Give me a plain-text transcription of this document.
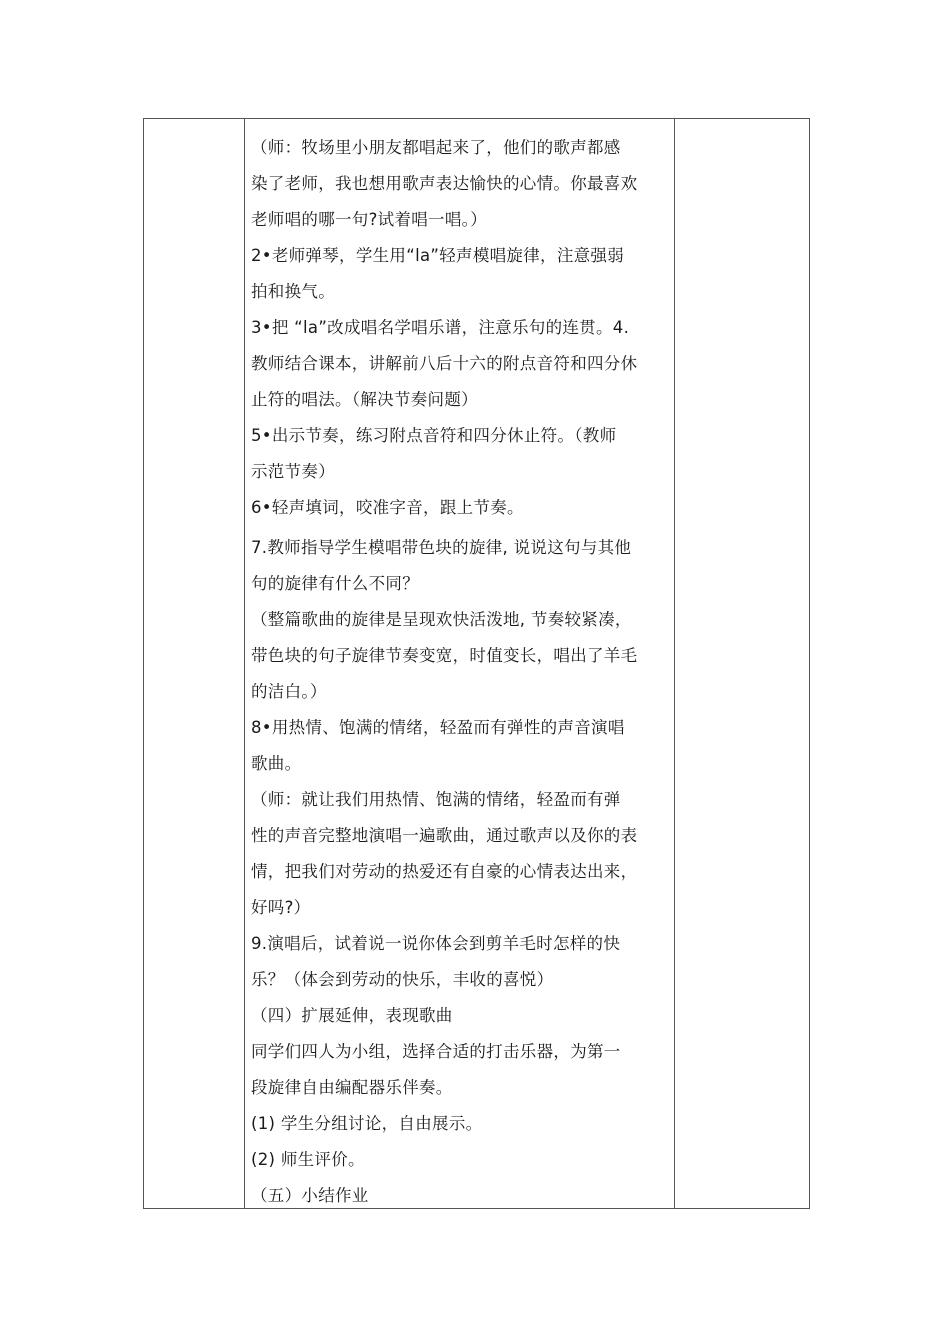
（师：牧场里小朋友都唱起来了，他们的歌声都感

染了老师，我也想用歌声表达愉快的心情。你最喜欢

老师唱的哪一句?试着唱一唱。）

2•老师弹琴，学生用“la”轻声模唱旋律，注意强弱

拍和换气。

3•把 “la”改成唱名学唱乐谱，注意乐句的连贯。4.

教师结合课本，讲解前八后十六的附点音符和四分休

止符的唱法。（解决节奏问题）

5•出示节奏，练习附点音符和四分休止符。（教师

示范节奏）

6•轻声填词，咬准字音，跟上节奏。

7.教师指导学生模唱带色块的旋律, 说说这句与其他

句的旋律有什么不同？

（整篇歌曲的旋律是呈现欢快活泼地, 节奏较紧凑，

带色块的句子旋律节奏变宽，时值变长，唱出了羊毛

的洁白。）

8•用热情、饱满的情绪，轻盈而有弹性的声音演唱

歌曲。

（师：就让我们用热情、饱满的情绪，轻盈而有弹

性的声音完整地演唱一遍歌曲，通过歌声以及你的表

情，把我们对劳动的热爱还有自豪的心情表达出来，

好吗?）

9.演唱后，试着说一说你体会到剪羊毛时怎样的快

乐？（体会到劳动的快乐，丰收的喜悦）

（四）扩展延伸，表现歌曲

同学们四人为小组，选择合适的打击乐器，为第一

段旋律自由编配器乐伴奏。

(1) 学生分组讨论，自由展示。

(2) 师生评价。

（五）小结作业
